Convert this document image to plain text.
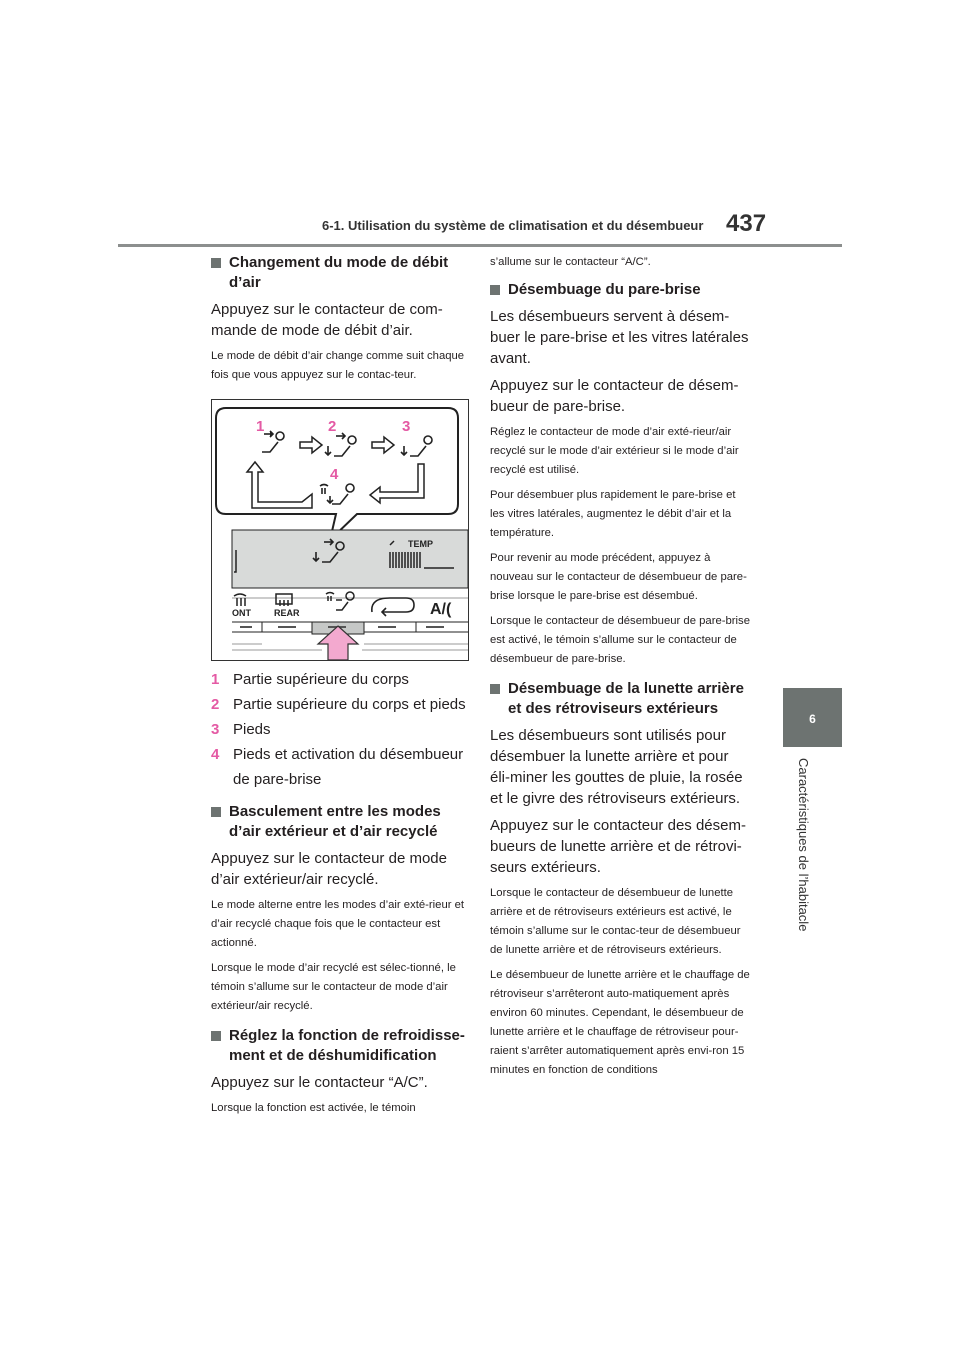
6-1. Utilisation du système de climatisation et du désembueur 437
6
Caractéristiques de l’habitacle
Changement du mode de débit d’air
Appuyez sur le contacteur de com-mande de mode de débit d’air.
Le mode de débit d’air change comme suit chaque fois que vous appuyez sur le contac-teur.
1	2	3
4
TEMP
ONT	REAR	A/(
1 Partie supérieure du corps
2 Partie supérieure du corps et pieds
3 Pieds
4 Pieds et activation du désembueur de pare-brise
Basculement entre les modes d’air extérieur et d’air recyclé
Appuyez sur le contacteur de mode d’air extérieur/air recyclé.
Le mode alterne entre les modes d’air exté-rieur et d’air recyclé chaque fois que le contacteur est actionné.
Lorsque le mode d’air recyclé est sélec-tionné, le témoin s’allume sur le contacteur de mode d’air extérieur/air recyclé.
Réglez la fonction de refroidisse-ment et de déshumidification
Appuyez sur le contacteur “A/C”.
Lorsque la fonction est activée, le témoin
s’allume sur le contacteur “A/C”.
Désembuage du pare-brise
Les désembueurs servent à désem-buer le pare-brise et les vitres latérales avant.
Appuyez sur le contacteur de désem-bueur de pare-brise.
Réglez le contacteur de mode d’air exté-rieur/air recyclé sur le mode d’air extérieur si le mode d’air recyclé est utilisé.
Pour désembuer plus rapidement le pare-brise et les vitres latérales, augmentez le débit d’air et la température.
Pour revenir au mode précédent, appuyez à nouveau sur le contacteur de désembueur de pare-brise lorsque le pare-brise est désembué.
Lorsque le contacteur de désembueur de pare-brise est activé, le témoin s’allume sur le contacteur de désembueur de pare-brise.
Désembuage de la lunette arrière et des rétroviseurs extérieurs
Les désembueurs sont utilisés pour désembuer la lunette arrière et pour éli-miner les gouttes de pluie, la rosée et le givre des rétroviseurs extérieurs.
Appuyez sur le contacteur des désem-bueurs de lunette arrière et de rétrovi-seurs extérieurs.
Lorsque le contacteur de désembueur de lunette arrière et de rétroviseurs extérieurs est activé, le témoin s’allume sur le contac-teur de désembueur de lunette arrière et de rétroviseurs extérieurs.
Le désembueur de lunette arrière et le chauffage de rétroviseur s’arrêteront auto-matiquement après environ 60 minutes. Cependant, le désembueur de lunette arrière et le chauffage de rétroviseur pour-raient s’arrêter automatiquement après envi-ron 15 minutes en fonction de conditions
